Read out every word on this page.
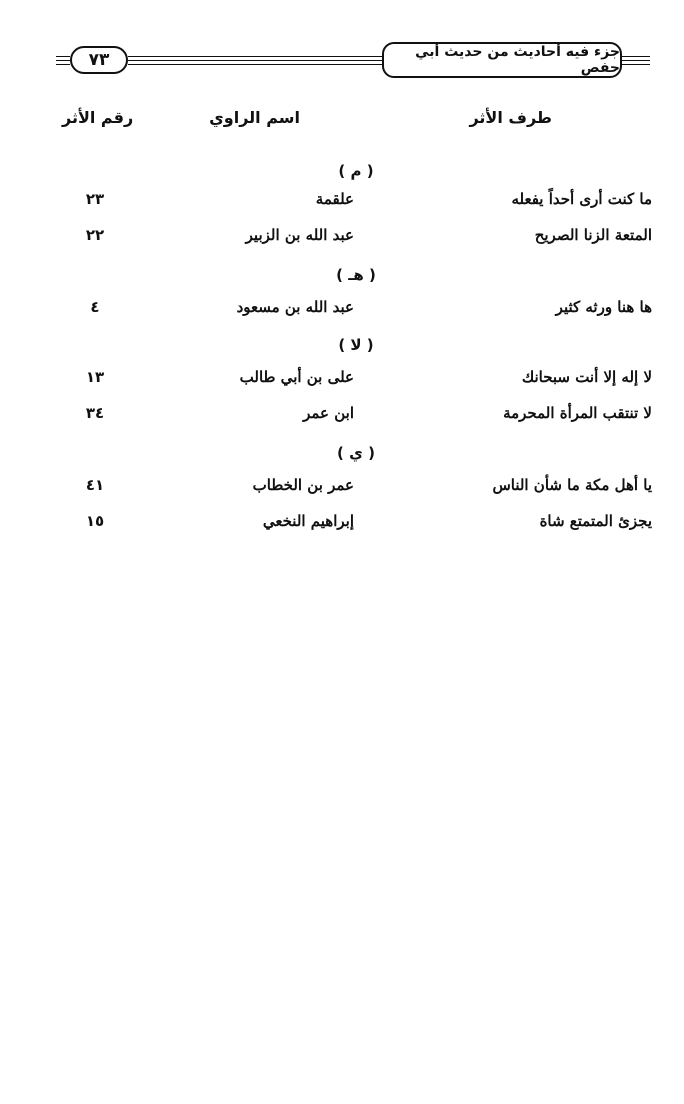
٧٣	جزء فيه أحاديث من حديث أبي حفص
طرف الأثر
اسم الراوي
رقم الأثر
( م )
ما كنت أرى أحداً يفعله
علقمة
٢٣
المتعة الزنا الصريح
عبد الله بن الزبير
٢٢
( هـ )
ها هنا ورثه كثير
عبد الله بن مسعود
٤
( لا )
لا إله إلا أنت سبحانك
على بن أبي طالب
١٣
لا تنتقب المرأة المحرمة
ابن عمر
٣٤
( ي )
يا أهل مكة ما شأن الناس
عمر بن الخطاب
٤١
يجزئ المتمتع شاة
إبراهيم النخعي
١٥
